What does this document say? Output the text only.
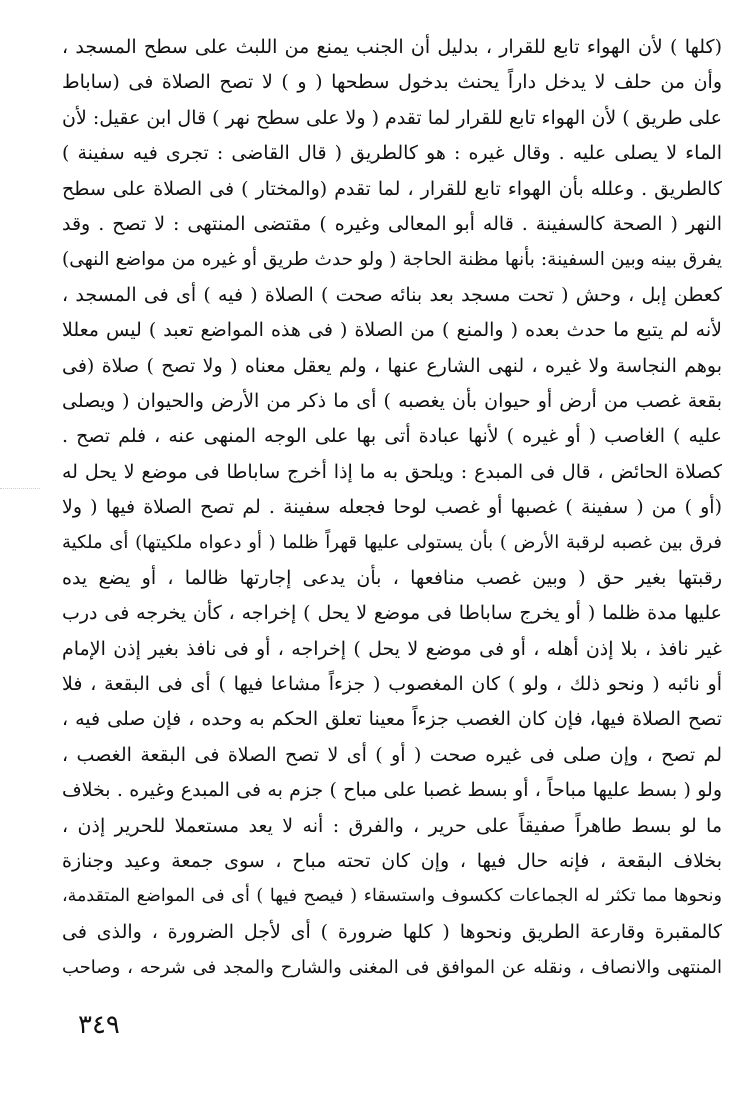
(كلها ) لأن الهواء تابع للقرار ، بدليل أن الجنب يمنع من اللبث على سطح المسجد ،
وأن من حلف لا يدخل داراً يحنث بدخول سطحها ( و ) لا تصح الصلاة فى (ساباط
على طريق ) لأن الهواء تابع للقرار لما تقدم ( ولا على سطح نهر ) قال ابن عقيل: لأن
الماء لا يصلى عليه . وقال غيره : هو كالطريق ( قال القاضى : تجرى فيه سفينة )
كالطريق . وعلله بأن الهواء تابع للقرار ، لما تقدم (والمختار ) فى الصلاة على سطح
النهر ( الصحة كالسفينة . قاله أبو المعالى وغيره ) مقتضى المنتهى : لا تصح . وقد
يفرق بينه وبين السفينة: بأنها مظنة الحاجة ( ولو حدث طريق أو غيره من مواضع النهى)
كعطن إبل ، وحش ( تحت مسجد بعد بنائه صحت ) الصلاة ( فيه ) أى فى المسجد ،
لأنه لم يتبع ما حدث بعده ( والمنع ) من الصلاة ( فى هذه المواضع تعبد ) ليس معللا
بوهم النجاسة ولا غيره ، لنهى الشارع عنها ، ولم يعقل معناه ( ولا تصح ) صلاة (فى
بقعة غصب من أرض أو حيوان بأن يغصبه ) أى ما ذكر من الأرض والحيوان ( ويصلى
عليه ) الغاصب ( أو غيره ) لأنها عبادة أتى بها على الوجه المنهى عنه ، فلم تصح .
كصلاة الحائض ، قال فى المبدع : ويلحق به ما إذا أخرج ساباطا فى موضع لا يحل له
(أو ) من ( سفينة ) غصبها أو غصب لوحا فجعله سفينة . لم تصح الصلاة فيها ( ولا
فرق بين غصبه لرقبة الأرض ) بأن يستولى عليها قهراً ظلما ( أو دعواه ملكيتها) أى ملكية
رقبتها بغير حق ( وبين غصب منافعها ، بأن يدعى إجارتها ظالما ، أو يضع يده
عليها مدة ظلما ( أو يخرج ساباطا فى موضع لا يحل ) إخراجه ، كأن يخرجه فى درب
غير نافذ ، بلا إذن أهله ، أو فى موضع لا يحل ) إخراجه ، أو فى نافذ بغير إذن الإمام
أو نائبه ( ونحو ذلك ، ولو ) كان المغصوب ( جزءاً مشاعا فيها ) أى فى البقعة ، فلا
تصح الصلاة فيها، فإن كان الغصب جزءاً معينا تعلق الحكم به وحده ، فإن صلى فيه ،
لم تصح ، وإن صلى فى غيره صحت ( أو ) أى لا تصح الصلاة فى البقعة الغصب ،
ولو ( بسط عليها مباحاً ، أو بسط غصبا على مباح ) جزم به فى المبدع وغيره . بخلاف
ما لو بسط طاهراً صفيقاً على حرير ، والفرق : أنه لا يعد مستعملا للحرير إذن ،
بخلاف البقعة ، فإنه حال فيها ، وإن كان تحته مباح ، سوى جمعة وعيد وجنازة
ونحوها مما تكثر له الجماعات ككسوف واستسقاء ( فيصح فيها ) أى فى المواضع المتقدمة،
كالمقبرة وقارعة الطريق ونحوها ( كلها ضرورة ) أى لأجل الضرورة ، والذى فى
المنتهى والانصاف ، ونقله عن الموافق فى المغنى والشارح والمجد فى شرحه ، وصاحب
٣٤٩
